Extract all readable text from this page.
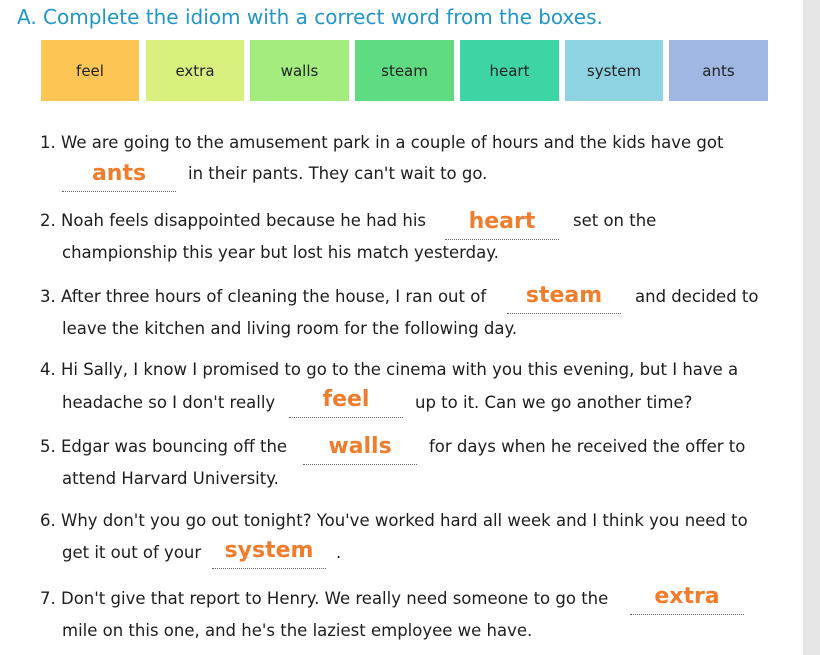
A. Complete the idiom with a correct word from the boxes.
feel	extra	walls	steam	heart	system	ants
1. We are going to the amusement park in a couple of hours and the kids have got
ants	in their pants. They can't wait to go.
2. Noah feels disappointed because he had his	heart	set on the
championship this year but lost his match yesterday.
3. After three hours of cleaning the house, I ran out of	steam	and decided to
leave the kitchen and living room for the following day.
4. Hi Sally, I know I promised to go to the cinema with you this evening, but I have a
headache so I don't really	feel	up to it. Can we go another time?
5. Edgar was bouncing off the	walls	for days when he received the offer to
attend Harvard University.
6. Why don't you go out tonight? You've worked hard all week and I think you need to
get it out of your	system	.
7. Don't give that report to Henry. We really need someone to go the	extra
mile on this one, and he's the laziest employee we have.
